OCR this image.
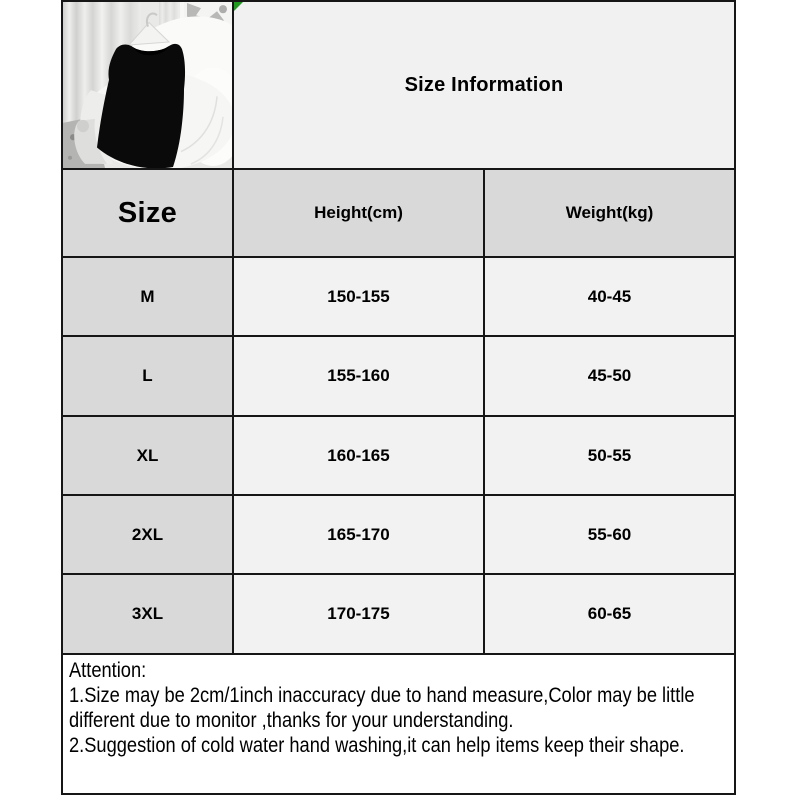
Size Information
Size	Height(cm)	Weight(kg)
M	150-155	40-45
L	155-160	45-50
XL	160-165	50-55
2XL	165-170	55-60
3XL	170-175	60-65
Attention:
1.Size may be 2cm/1inch inaccuracy due to hand measure,Color may be little
different due to monitor ,thanks for your understanding.
2.Suggestion of cold water hand washing,it can help items keep their shape.
